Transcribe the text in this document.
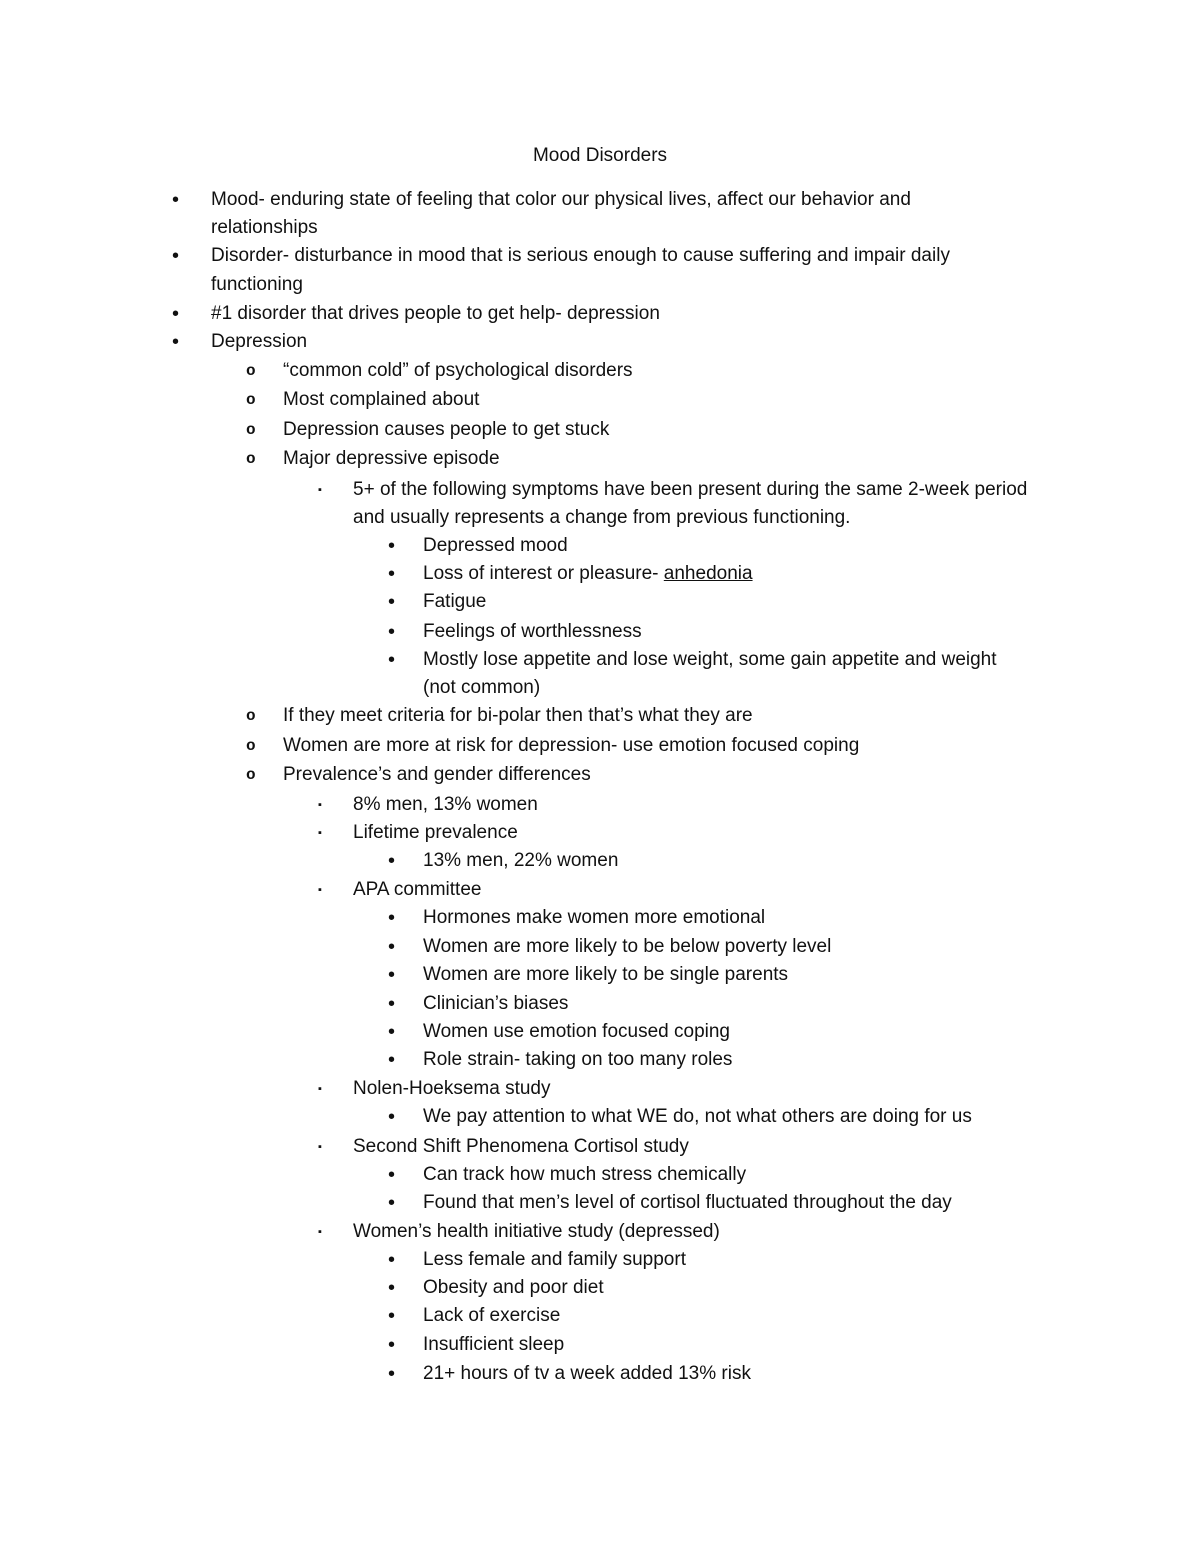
Mood Disorders
• Mood- enduring state of feeling that color our physical lives, affect our behavior and
relationships
• Disorder- disturbance in mood that is serious enough to cause suffering and impair daily
functioning
• #1 disorder that drives people to get help- depression
• Depression
o “common cold” of psychological disorders
o Most complained about
o Depression causes people to get stuck
o Major depressive episode
▪ 5+ of the following symptoms have been present during the same 2-week period
and usually represents a change from previous functioning.
• Depressed mood
• Loss of interest or pleasure- anhedonia
• Fatigue
• Feelings of worthlessness
• Mostly lose appetite and lose weight, some gain appetite and weight
(not common)
o If they meet criteria for bi-polar then that’s what they are
o Women are more at risk for depression- use emotion focused coping
o Prevalence’s and gender differences
▪ 8% men, 13% women
▪ Lifetime prevalence
• 13% men, 22% women
▪ APA committee
• Hormones make women more emotional
• Women are more likely to be below poverty level
• Women are more likely to be single parents
• Clinician’s biases
• Women use emotion focused coping
• Role strain- taking on too many roles
▪ Nolen-Hoeksema study
• We pay attention to what WE do, not what others are doing for us
▪ Second Shift Phenomena Cortisol study
• Can track how much stress chemically
• Found that men’s level of cortisol fluctuated throughout the day
▪ Women’s health initiative study (depressed)
• Less female and family support
• Obesity and poor diet
• Lack of exercise
• Insufficient sleep
• 21+ hours of tv a week added 13% risk
